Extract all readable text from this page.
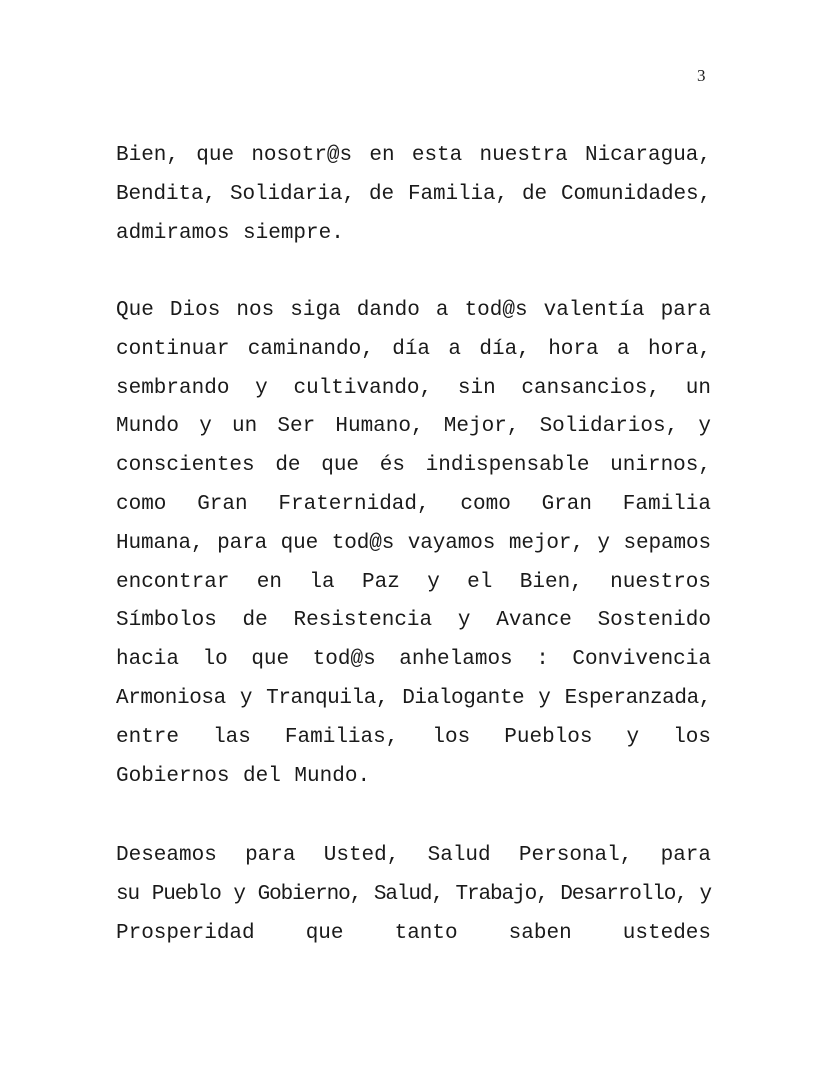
3
Bien, que nosotr@s en esta nuestra Nicaragua,
Bendita, Solidaria, de Familia, de Comunidades,
admiramos siempre.
Que Dios nos siga dando a tod@s valentía para
continuar caminando, día a día, hora a hora,
sembrando y cultivando, sin cansancios, un
Mundo y un Ser Humano, Mejor, Solidarios, y
conscientes de que és indispensable unirnos,
como Gran Fraternidad, como Gran Familia
Humana, para que tod@s vayamos mejor, y sepamos
encontrar en la Paz y el Bien, nuestros
Símbolos de Resistencia y Avance Sostenido
hacia lo que tod@s anhelamos : Convivencia
Armoniosa y Tranquila, Dialogante y Esperanzada,
entre las Familias, los Pueblos y los
Gobiernos del Mundo.
Deseamos para Usted, Salud Personal, para
su Pueblo y Gobierno, Salud, Trabajo, Desarrollo, y
Prosperidad que tanto saben ustedes
